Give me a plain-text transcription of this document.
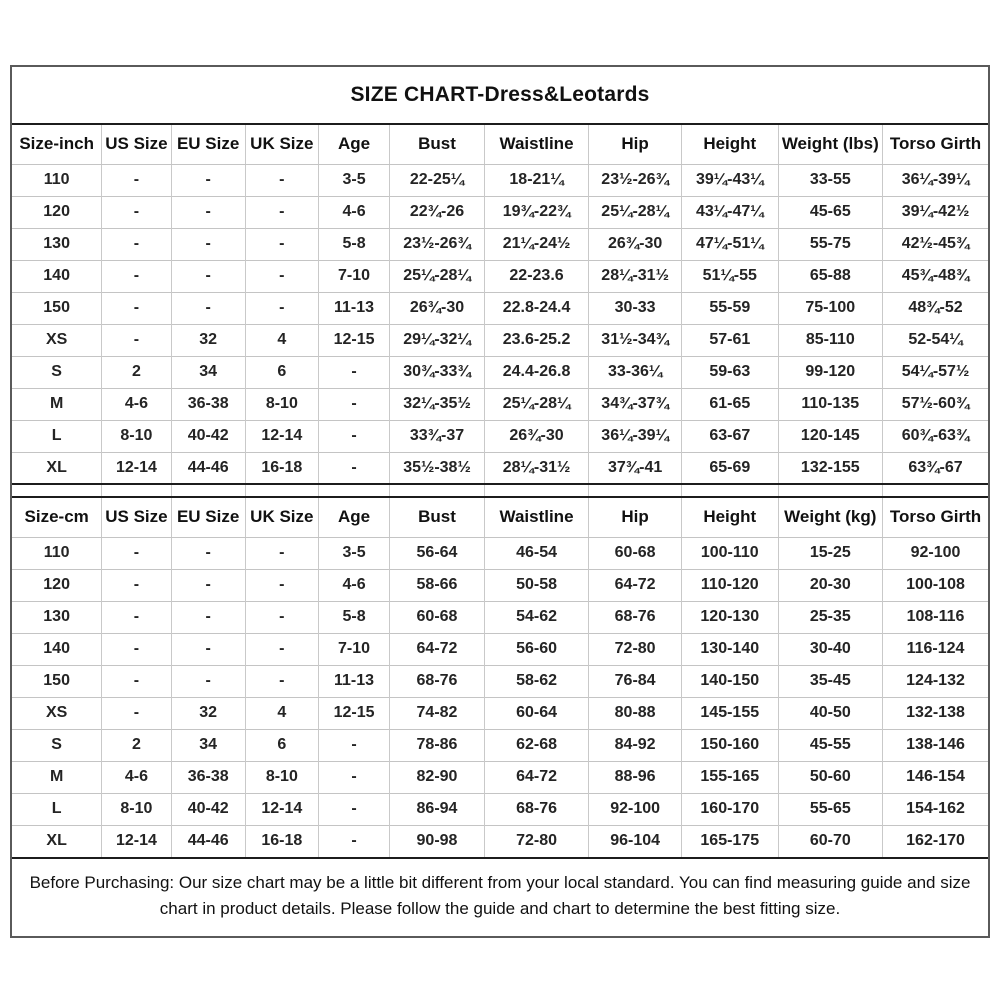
SIZE CHART-Dress&Leotards
Size-inch	US Size	EU Size	UK Size	Age	Bust	Waistline	Hip	Height	Weight (lbs)	Torso Girth
110	-	-	-	3-5	22-25¼	18-21¼	23½-26¾	39¼-43¼	33-55	36¼-39¼
120	-	-	-	4-6	22¾-26	19¾-22¾	25¼-28¼	43¼-47¼	45-65	39¼-42½
130	-	-	-	5-8	23½-26¾	21¼-24½	26¾-30	47¼-51¼	55-75	42½-45¾
140	-	-	-	7-10	25¼-28¼	22-23.6	28¼-31½	51¼-55	65-88	45¾-48¾
150	-	-	-	11-13	26¾-30	22.8-24.4	30-33	55-59	75-100	48¾-52
XS	-	32	4	12-15	29¼-32¼	23.6-25.2	31½-34¾	57-61	85-110	52-54¼
S	2	34	6	-	30¾-33¾	24.4-26.8	33-36¼	59-63	99-120	54¼-57½
M	4-6	36-38	8-10	-	32¼-35½	25¼-28¼	34¾-37¾	61-65	110-135	57½-60¾
L	8-10	40-42	12-14	-	33¾-37	26¾-30	36¼-39¼	63-67	120-145	60¾-63¾
XL	12-14	44-46	16-18	-	35½-38½	28¼-31½	37¾-41	65-69	132-155	63¾-67

Size-cm	US Size	EU Size	UK Size	Age	Bust	Waistline	Hip	Height	Weight (kg)	Torso Girth
110	-	-	-	3-5	56-64	46-54	60-68	100-110	15-25	92-100
120	-	-	-	4-6	58-66	50-58	64-72	110-120	20-30	100-108
130	-	-	-	5-8	60-68	54-62	68-76	120-130	25-35	108-116
140	-	-	-	7-10	64-72	56-60	72-80	130-140	30-40	116-124
150	-	-	-	11-13	68-76	58-62	76-84	140-150	35-45	124-132
XS	-	32	4	12-15	74-82	60-64	80-88	145-155	40-50	132-138
S	2	34	6	-	78-86	62-68	84-92	150-160	45-55	138-146
M	4-6	36-38	8-10	-	82-90	64-72	88-96	155-165	50-60	146-154
L	8-10	40-42	12-14	-	86-94	68-76	92-100	160-170	55-65	154-162
XL	12-14	44-46	16-18	-	90-98	72-80	96-104	165-175	60-70	162-170
Before Purchasing: Our size chart may be a little bit different from your local standard. You can find measuring guide and size chart in product details. Please follow the guide and chart to determine the best fitting size.
